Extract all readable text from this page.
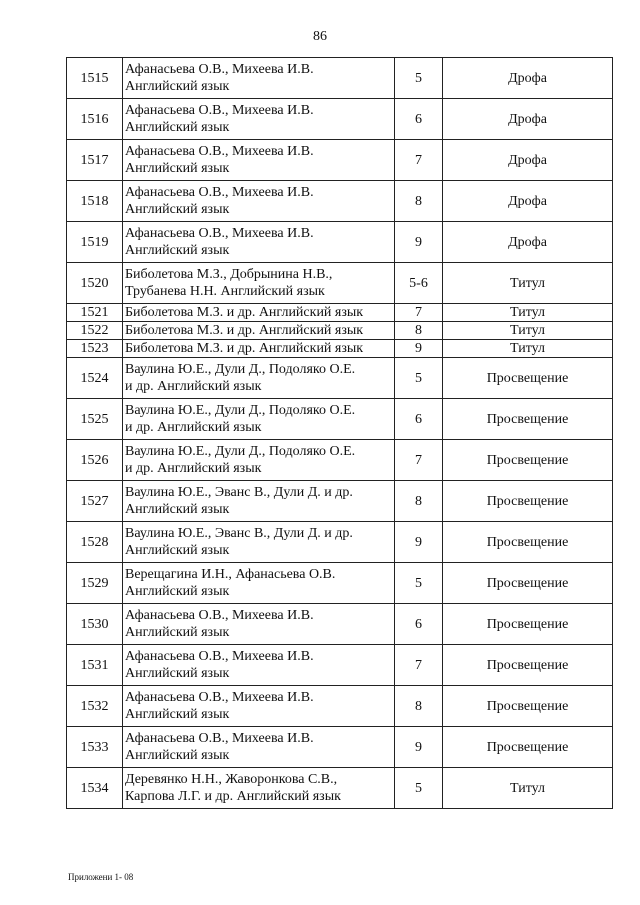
86
1515	Афанасьева О.В., Михеева И.В.
Английский язык	5	Дрофа
1516	Афанасьева О.В., Михеева И.В.
Английский язык	6	Дрофа
1517	Афанасьева О.В., Михеева И.В.
Английский язык	7	Дрофа
1518	Афанасьева О.В., Михеева И.В.
Английский язык	8	Дрофа
1519	Афанасьева О.В., Михеева И.В.
Английский язык	9	Дрофа
1520	Биболетова М.З., Добрынина Н.В.,
Трубанева Н.Н. Английский язык	5-6	Титул
1521	Биболетова М.З. и др. Английский язык	7	Титул
1522	Биболетова М.З. и др. Английский язык	8	Титул
1523	Биболетова М.З. и др. Английский язык	9	Титул
1524	Ваулина Ю.Е., Дули Д., Подоляко О.Е.
и др. Английский язык	5	Просвещение
1525	Ваулина Ю.Е., Дули Д., Подоляко О.Е.
и др. Английский язык	6	Просвещение
1526	Ваулина Ю.Е., Дули Д., Подоляко О.Е.
и др. Английский язык	7	Просвещение
1527	Ваулина Ю.Е., Эванс В., Дули Д. и др.
Английский язык	8	Просвещение
1528	Ваулина Ю.Е., Эванс В., Дули Д. и др.
Английский язык	9	Просвещение
1529	Верещагина И.Н., Афанасьева О.В.
Английский язык	5	Просвещение
1530	Афанасьева О.В., Михеева И.В.
Английский язык	6	Просвещение
1531	Афанасьева О.В., Михеева И.В.
Английский язык	7	Просвещение
1532	Афанасьева О.В., Михеева И.В.
Английский язык	8	Просвещение
1533	Афанасьева О.В., Михеева И.В.
Английский язык	9	Просвещение
1534	Деревянко Н.Н., Жаворонкова С.В.,
Карпова Л.Г. и др. Английский язык	5	Титул
Приложени 1- 08
